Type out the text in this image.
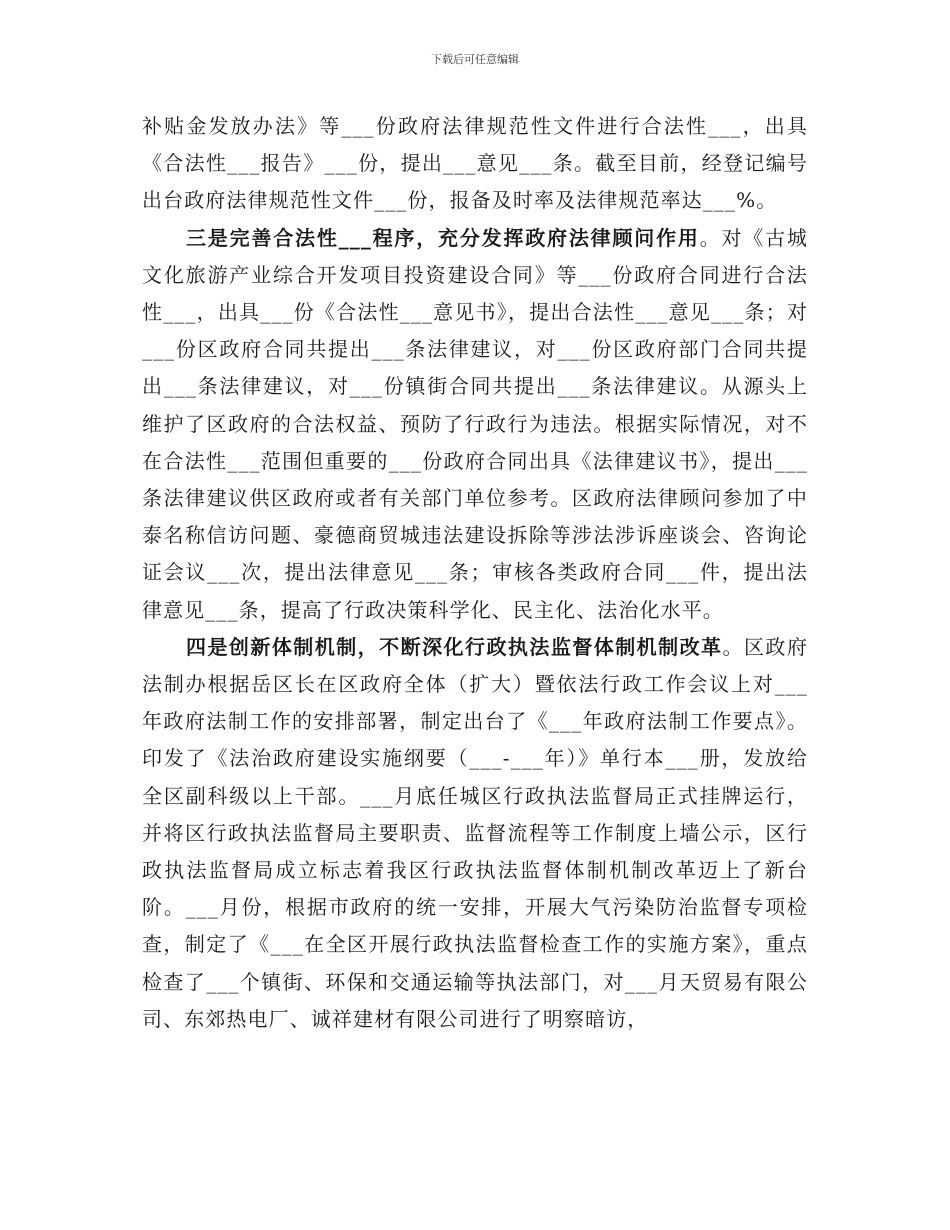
下载后可任意编辑

补贴金发放办法》等___份政府法律规范性文件进行合法性___，出具《合法性___报告》___份，提出___意见___条。截至目前，经登记编号出台政府法律规范性文件___份，报备及时率及法律规范率达___%。

三是完善合法性___程序，充分发挥政府法律顾问作用。对《古城文化旅游产业综合开发项目投资建设合同》等___份政府合同进行合法性___，出具___份《合法性___意见书》，提出合法性___意见___条；对___份区政府合同共提出___条法律建议，对___份区政府部门合同共提出___条法律建议，对___份镇街合同共提出___条法律建议。从源头上维护了区政府的合法权益、预防了行政行为违法。根据实际情况，对不在合法性___范围但重要的___份政府合同出具《法律建议书》，提出___条法律建议供区政府或者有关部门单位参考。区政府法律顾问参加了中泰名称信访问题、豪德商贸城违法建设拆除等涉法涉诉座谈会、咨询论证会议___次，提出法律意见___条；审核各类政府合同___件，提出法律意见___条，提高了行政决策科学化、民主化、法治化水平。

四是创新体制机制，不断深化行政执法监督体制机制改革。区政府法制办根据岳区长在区政府全体（扩大）暨依法行政工作会议上对___年政府法制工作的安排部署，制定出台了《___年政府法制工作要点》。印发了《法治政府建设实施纲要（___-___年）》单行本___册，发放给全区副科级以上干部。___月底任城区行政执法监督局正式挂牌运行，并将区行政执法监督局主要职责、监督流程等工作制度上墙公示，区行政执法监督局成立标志着我区行政执法监督体制机制改革迈上了新台阶。___月份，根据市政府的统一安排，开展大气污染防治监督专项检查，制定了《___在全区开展行政执法监督检查工作的实施方案》，重点检查了___个镇街、环保和交通运输等执法部门，对___月天贸易有限公司、东郊热电厂、诚祥建材有限公司进行了明察暗访，
